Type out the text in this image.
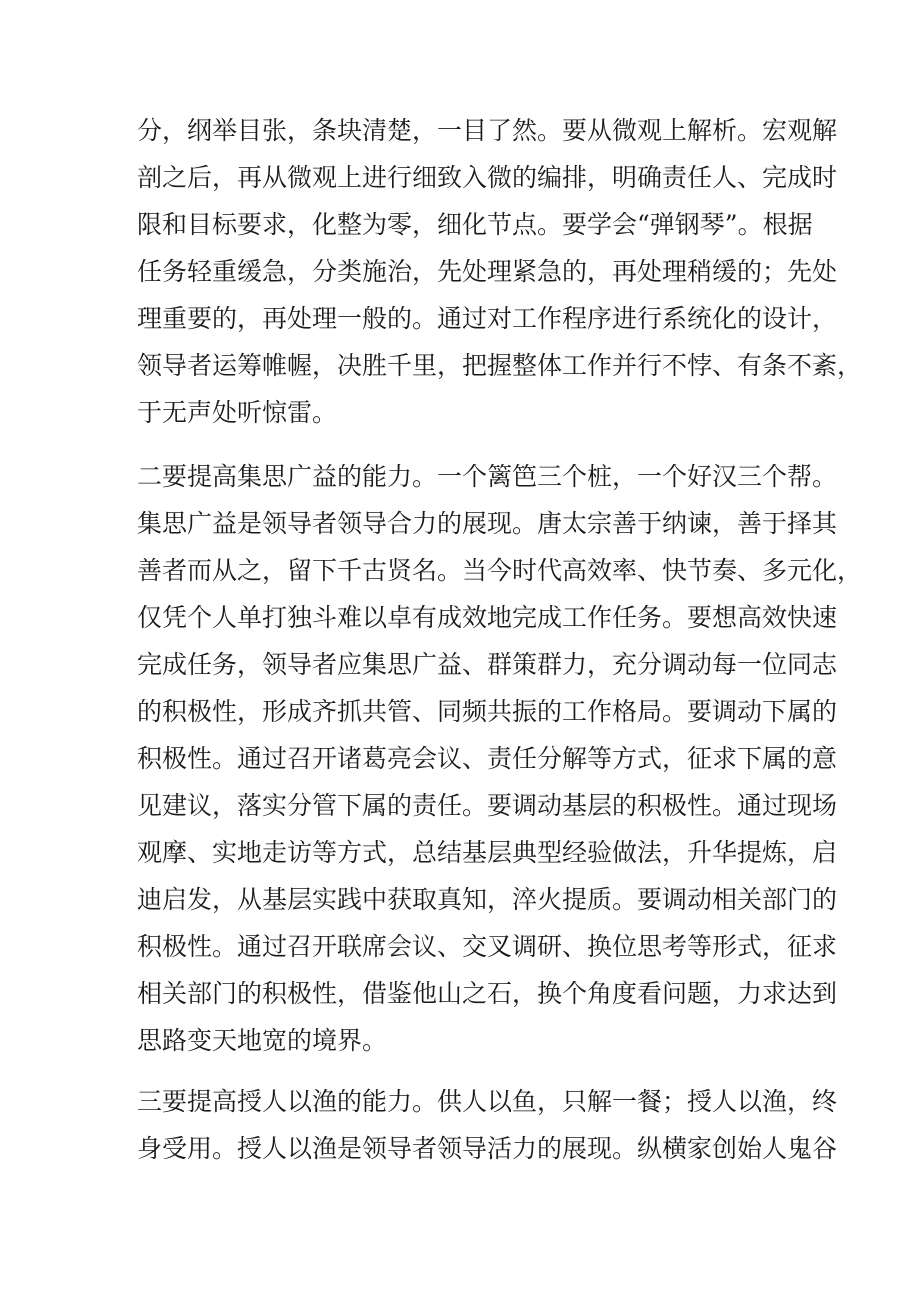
分，纲举目张，条块清楚，一目了然。要从微观上解析。宏观解
剖之后，再从微观上进行细致入微的编排，明确责任人、完成时
限和目标要求，化整为零，细化节点。要学会“弹钢琴”。根据
任务轻重缓急，分类施治，先处理紧急的，再处理稍缓的；先处
理重要的，再处理一般的。通过对工作程序进行系统化的设计，
领导者运筹帷幄，决胜千里，把握整体工作并行不悖、有条不紊，
于无声处听惊雷。
二要提高集思广益的能力。一个篱笆三个桩，一个好汉三个帮。
集思广益是领导者领导合力的展现。唐太宗善于纳谏，善于择其
善者而从之，留下千古贤名。当今时代高效率、快节奏、多元化，
仅凭个人单打独斗难以卓有成效地完成工作任务。要想高效快速
完成任务，领导者应集思广益、群策群力，充分调动每一位同志
的积极性，形成齐抓共管、同频共振的工作格局。要调动下属的
积极性。通过召开诸葛亮会议、责任分解等方式，征求下属的意
见建议，落实分管下属的责任。要调动基层的积极性。通过现场
观摩、实地走访等方式，总结基层典型经验做法，升华提炼，启
迪启发，从基层实践中获取真知，淬火提质。要调动相关部门的
积极性。通过召开联席会议、交叉调研、换位思考等形式，征求
相关部门的积极性，借鉴他山之石，换个角度看问题，力求达到
思路变天地宽的境界。
三要提高授人以渔的能力。供人以鱼，只解一餐；授人以渔，终
身受用。授人以渔是领导者领导活力的展现。纵横家创始人鬼谷
